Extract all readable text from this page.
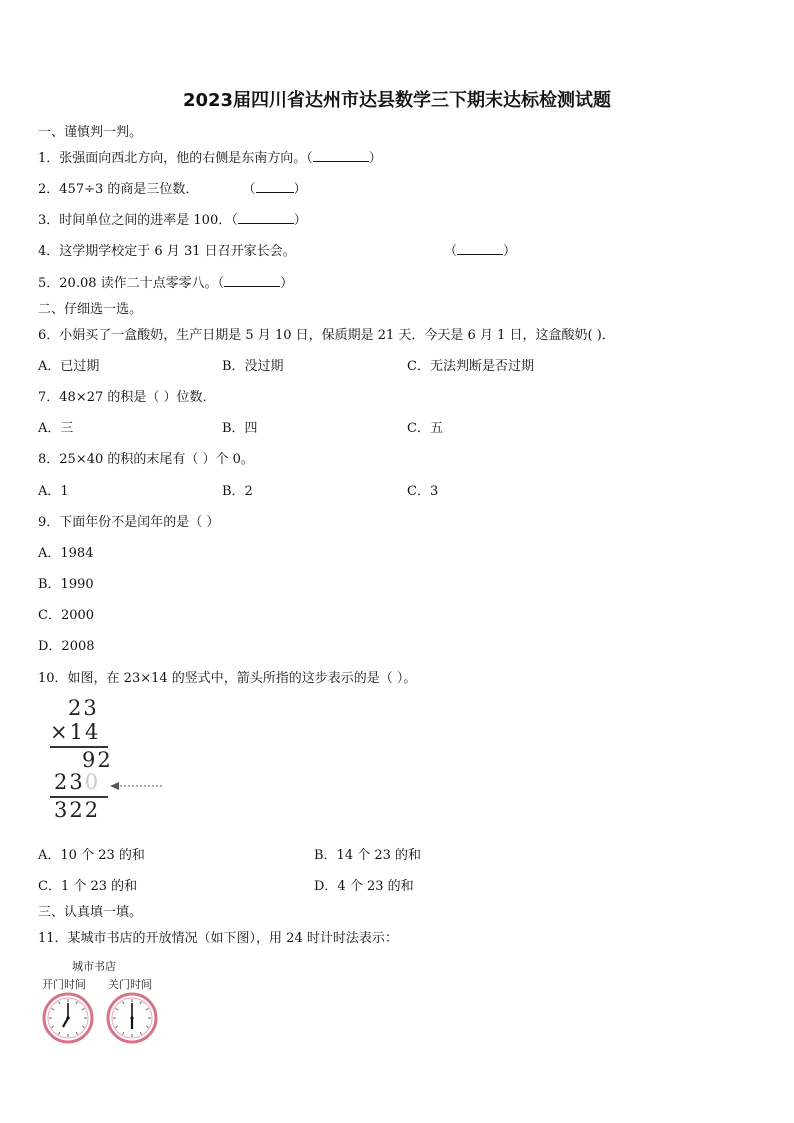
2023届四川省达州市达县数学三下期末达标检测试题
一、谨慎判一判。
1．张强面向西北方向，他的右侧是东南方向。（	）
2．457÷3 的商是三位数．	（	）
3．时间单位之间的进率是 100．（	）
4．这学期学校定于 6 月 31 日召开家长会。	（	）
5．20.08 读作二十点零零八。（	）
二、仔细选一选。
6．小娟买了一盒酸奶，生产日期是 5 月 10 日，保质期是 21 天．今天是 6 月 1 日，这盒酸奶( )．
A．已过期	B．没过期	C．无法判断是否过期
7．48×27 的积是（ ）位数．
A．三	B．四	C．五
8．25×40 的积的末尾有（ ）个 0。
A．1	B．2	C．3
9．下面年份不是闰年的是（ ）
A．1984
B．1990
C．2000
D．2008
10．如图，在 23×14 的竖式中，箭头所指的这步表示的是（ ）。
23
×14
92
230
322
A．10 个 23 的和	B．14 个 23 的和
C．1 个 23 的和	D．4 个 23 的和
三、认真填一填。
11．某城市书店的开放情况（如下图），用 24 时计时法表示：
城市书店
开门时间 关门时间
